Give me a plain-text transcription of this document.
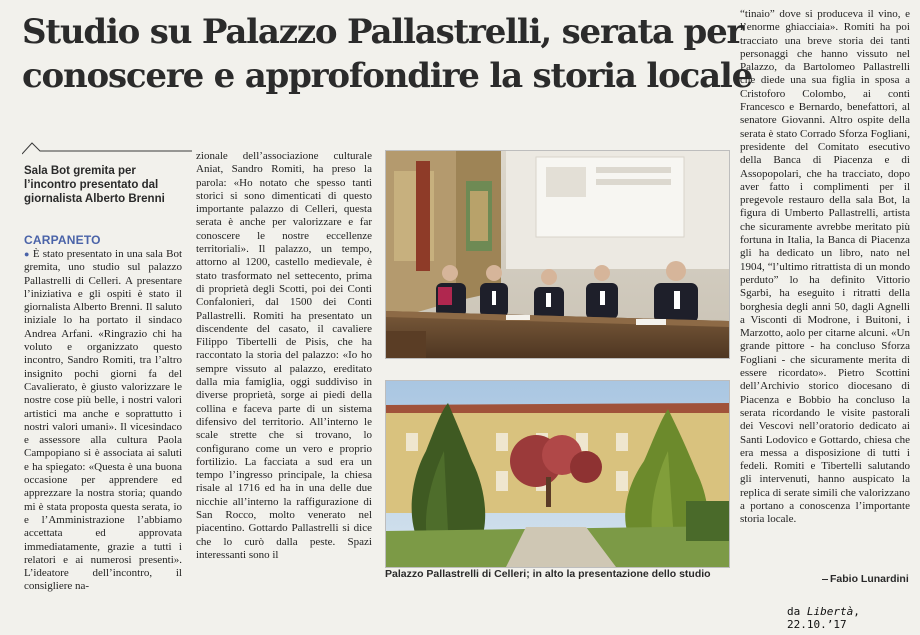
Studio su Palazzo Pallastrelli, serata per
conoscere e approfondire la storia locale
Sala Bot gremita per l’incontro presentato dal giornalista Alberto Brenni
CARPANETO

● È stato presentato in una sala Bot gremita, uno studio sul palazzo Pallastrelli di Celleri. A presentare l’iniziativa e gli ospiti è stato il giornalista Alberto Brenni. Il saluto iniziale lo ha portato il sindaco Andrea Arfani. «Ringrazio chi ha voluto e organizzato questo incontro, Sandro Romiti, tra l’altro insignito pochi giorni fa del Cavalierato, è giusto valorizzare le nostre cose più belle, i nostri valori artistici ma anche e soprattutto i nostri valori umani». Il vicesindaco e assessore alla cultura Paola Campopiano si è associata ai saluti e ha spiegato: «Questa è una buona occasione per apprendere ed apprezzare la nostra storia; quando mi è stata proposta questa serata, io e l’Amministrazione l’abbiamo accettata ed approvata immediatamente, grazie a tutti i relatori e ai numerosi presenti». L’ideatore dell’incontro, il consigliere na-

zionale dell’associazione culturale Aniat, Sandro Romiti, ha preso la parola: «Ho notato che spesso tanti storici si sono dimenticati di questo importante palazzo di Celleri, questa serata è anche per valorizzare e far conoscere le nostre eccellenze territoriali». Il palazzo, un tempo, attorno al 1200, castello medievale, è stato trasformato nel settecento, prima di proprietà degli Scotti, poi dei Conti Confalonieri, dal 1500 dei Conti Pallastrelli. Romiti ha presentato un discendente del casato, il cavaliere Filippo Tibertelli de Pisis, che ha raccontato la storia del palazzo: «Io ho sempre vissuto al palazzo, ereditato dalla mia famiglia, oggi suddiviso in diverse proprietà, sorge ai piedi della collina e faceva parte di un sistema difensivo del territorio. All’interno le scale strette che si trovano, lo configurano come un vero e proprio fortilizio. La facciata a sud era un tempo l’ingresso principale, la chiesa risale al 1716 ed ha in una delle due nicchie all’interno la raffigurazione di San Rocco, molto venerato nel piacentino. Gottardo Pallastrelli si dice che lo curò dalla peste. Spazi interessanti sono il

“tinaio” dove si produceva il vino, e l’enorme ghiacciaia». Romiti ha poi tracciato una breve storia dei tanti personaggi che hanno vissuto nel Palazzo, da Bartolomeo Pallastrelli che diede una sua figlia in sposa a Cristoforo Colombo, ai conti Francesco e Bernardo, benefattori, al senatore Giovanni. Altro ospite della serata è stato Corrado Sforza Fogliani, presidente del Comitato esecutivo della Banca di Piacenza e di Assopopolari, che ha tracciato, dopo aver fatto i complimenti per il pregevole restauro della sala Bot, la figura di Umberto Pallastrelli, artista che sicuramente avrebbe meritato più fortuna in Italia, la Banca di Piacenza gli ha dedicato un libro, nato nel 1904, “l’ultimo ritrattista di un mondo perduto” lo ha definito Vittorio Sgarbi, ha eseguito i ritratti della borghesia degli anni 50, dagli Agnelli a Visconti di Modrone, i Buitoni, i Marzotto, aolo per citarne alcuni. «Un grande pittore - ha concluso Sforza Fogliani - che sicuramente merita di essere ricordato». Pietro Scottini dell’Archivio storico diocesano di Piacenza e Bobbio ha concluso la serata ricordando le visite pastorali dei Vescovi nell’oratorio dedicato ai Santi Lodovico e Gottardo, chiesa che era messa a disposizione di tutti i fedeli. Romiti e Tibertelli salutando gli intervenuti, hanno auspicato la replica di serate simili che valorizzano a portano a conoscenza l’importante storia locale.

Palazzo Pallastrelli di Celleri; in alto la presentazione dello studio	Fabio Lunardini
da Libertà, 22.10.’17
